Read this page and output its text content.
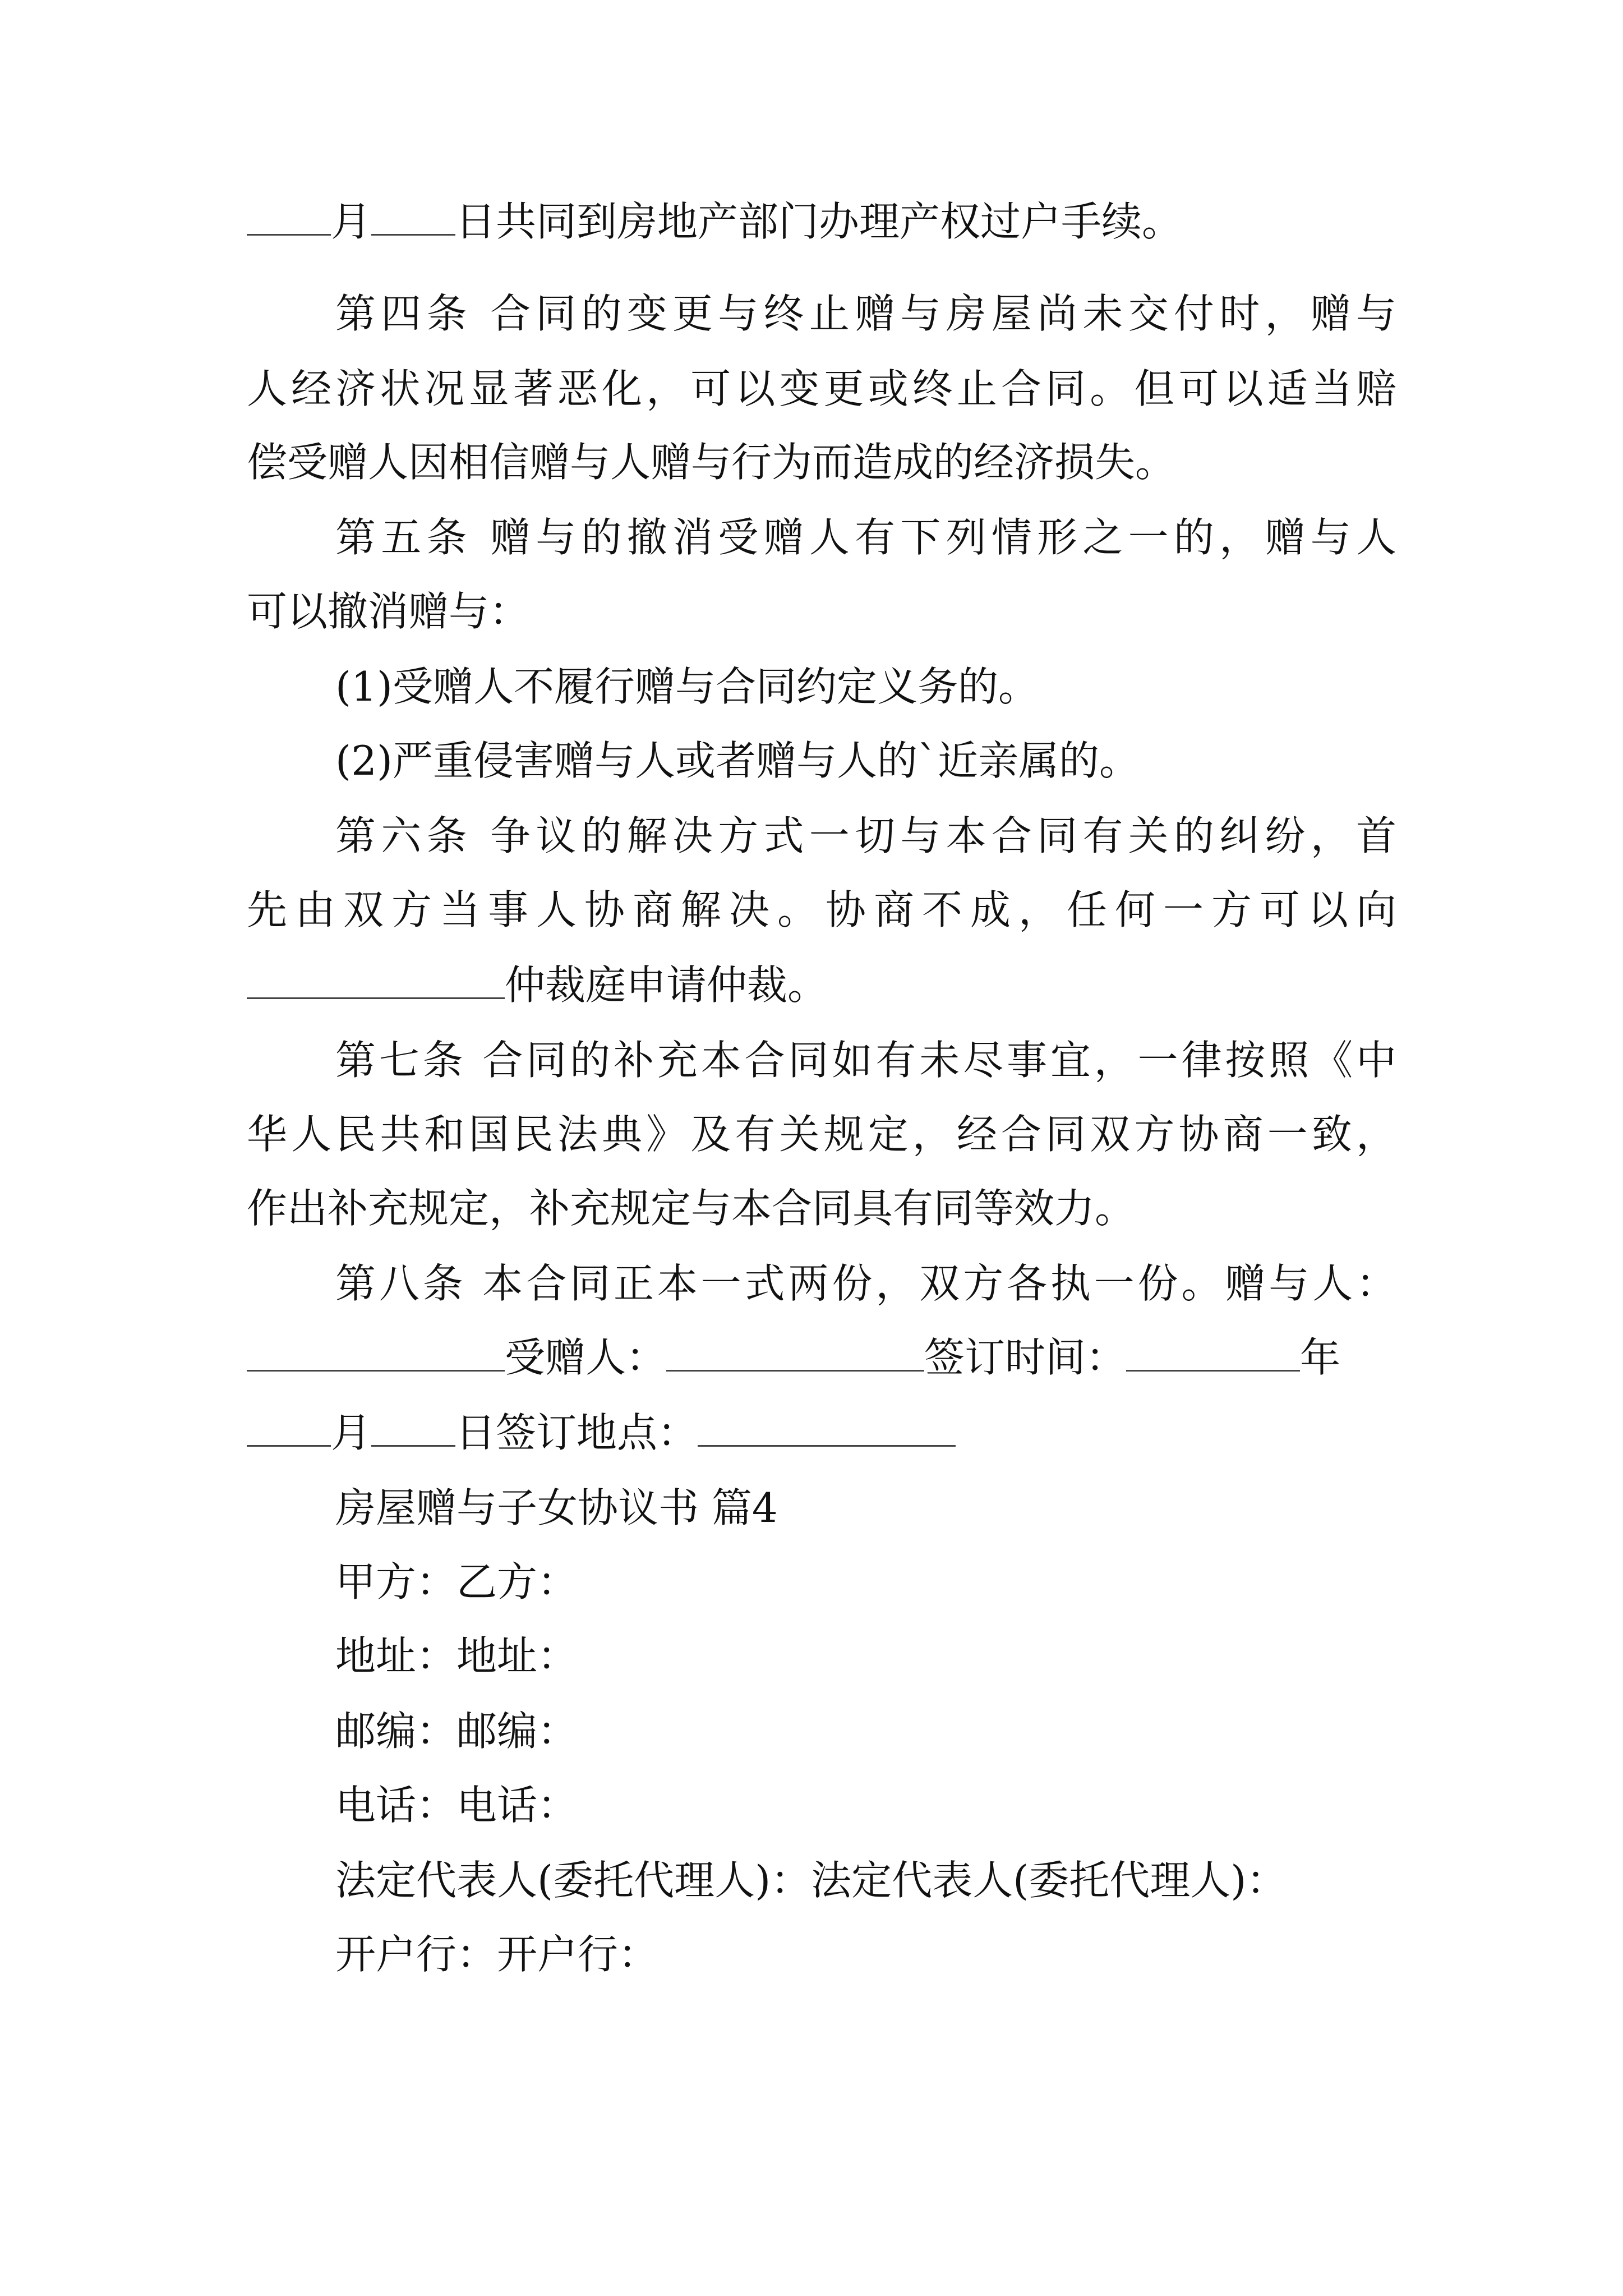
月 日共同到房地产部门办理产权过户手续。
第四条 合同的变更与终止赠与房屋尚未交付时，赠与
人经济状况显著恶化，可以变更或终止合同。但可以适当赔
偿受赠人因相信赠与人赠与行为而造成的经济损失。
第五条 赠与的撤消受赠人有下列情形之一的，赠与人
可以撤消赠与：
(1)受赠人不履行赠与合同约定义务的。
(2)严重侵害赠与人或者赠与人的`近亲属的。
第六条 争议的解决方式一切与本合同有关的纠纷，首
先由双方当事人协商解决。协商不成，任何一方可以向
仲裁庭申请仲裁。
第七条 合同的补充本合同如有未尽事宜，一律按照《中
华人民共和国民法典》及有关规定，经合同双方协商一致，
作出补充规定，补充规定与本合同具有同等效力。
第八条 本合同正本一式两份，双方各执一份。赠与人：
受赠人：	签订时间：	年
月 日签订地点：
房屋赠与子女协议书 篇4
甲方：乙方：
地址：地址：
邮编：邮编：
电话：电话：
法定代表人(委托代理人)：法定代表人(委托代理人)：
开户行：开户行：
